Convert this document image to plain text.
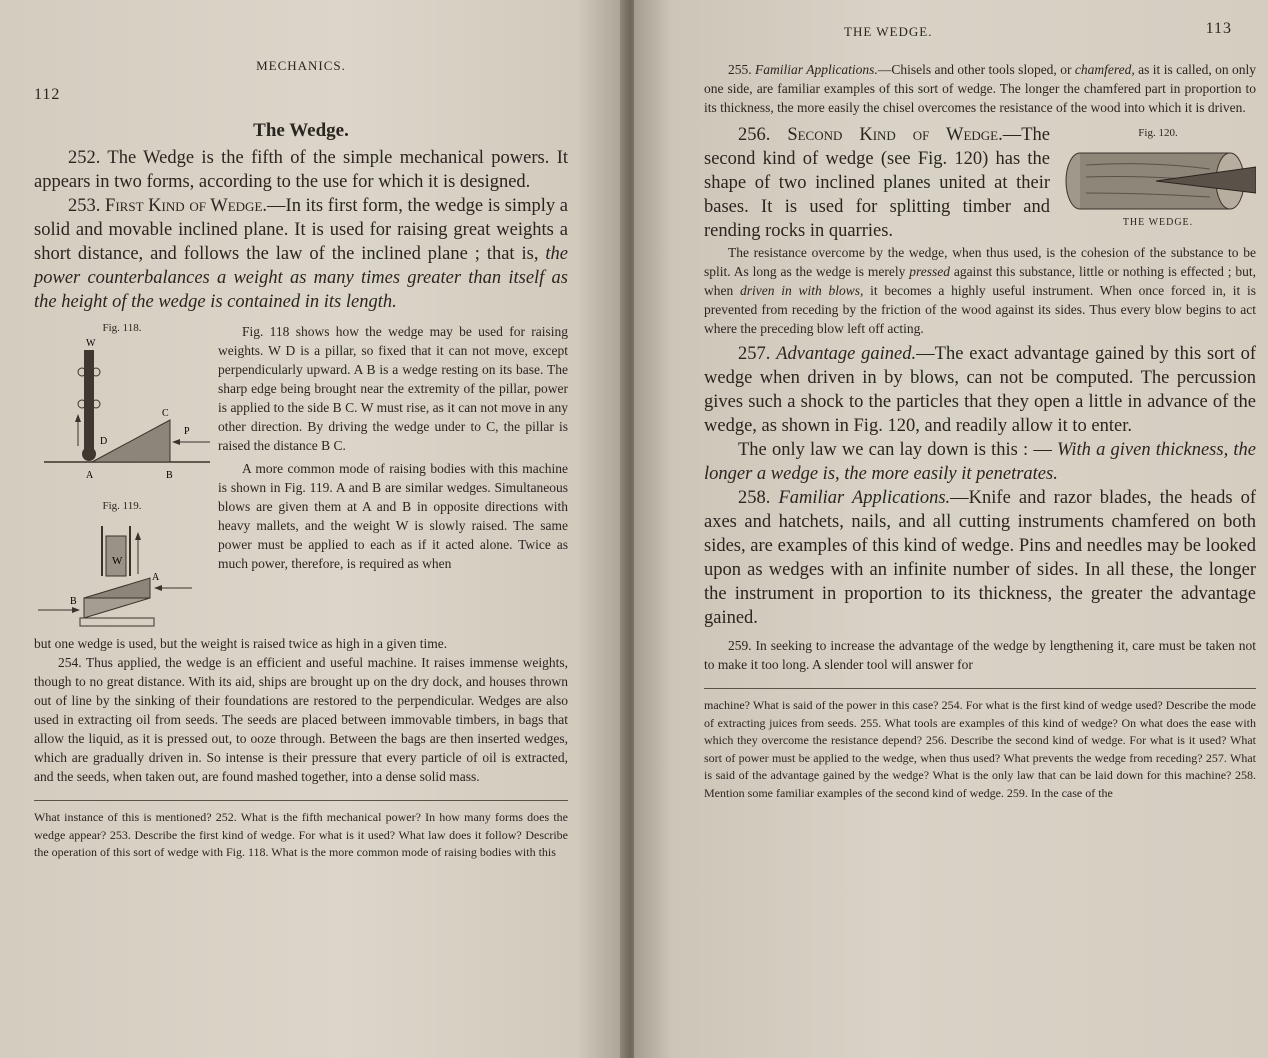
MECHANICS.
112
The Wedge.

252. The Wedge is the fifth of the simple mechanical powers. It appears in two forms, according to the use for which it is designed.

253. First Kind of Wedge.—In its first form, the wedge is simply a solid and movable inclined plane. It is used for raising great weights a short distance, and follows the law of the inclined plane ; that is, the power counterbalances a weight as many times greater than itself as the height of the wedge is contained in its length.

Fig. 118.
W
D
A	B
C
P
Fig. 119.
W
A
B

Fig. 118 shows how the wedge may be used for raising weights. W D is a pillar, so fixed that it can not move, except perpendicularly upward. A B is a wedge resting on its base. The sharp edge being brought near the extremity of the pillar, power is applied to the side B C. W must rise, as it can not move in any other direction. By driving the wedge under to C, the pillar is raised the distance B C.

A more common mode of raising bodies with this machine is shown in Fig. 119. A and B are similar wedges. Simultaneous blows are given them at A and B in opposite directions with heavy mallets, and the weight W is slowly raised. The same power must be applied to each as if it acted alone. Twice as much power, therefore, is required as when

but one wedge is used, but the weight is raised twice as high in a given time.

254. Thus applied, the wedge is an efficient and useful machine. It raises immense weights, though to no great distance. With its aid, ships are brought up on the dry dock, and houses thrown out of line by the sinking of their foundations are restored to the perpendicular. Wedges are also used in extracting oil from seeds. The seeds are placed between immovable timbers, in bags that allow the liquid, as it is pressed out, to ooze through. Between the bags are then inserted wedges, which are gradually driven in. So intense is their pressure that every particle of oil is extracted, and the seeds, when taken out, are found mashed together, into a dense solid mass.

What instance of this is mentioned? 252. What is the fifth mechanical power? In how many forms does the wedge appear? 253. Describe the first kind of wedge. For what is it used? What law does it follow? Describe the operation of this sort of wedge with Fig. 118. What is the more common mode of raising bodies with this

THE WEDGE.	113

255. Familiar Applications.—Chisels and other tools sloped, or chamfered, as it is called, on only one side, are familiar examples of this sort of wedge. The longer the chamfered part in proportion to its thickness, the more easily the chisel overcomes the resistance of the wood into which it is driven.

256. Second Kind of Wedge.—The second kind of wedge (see Fig. 120) has the shape of two inclined planes united at their bases. It is used for splitting timber and rending rocks in quarries.

Fig. 120.
THE WEDGE.

The resistance overcome by the wedge, when thus used, is the cohesion of the substance to be split. As long as the wedge is merely pressed against this substance, little or nothing is effected ; but, when driven in with blows, it becomes a highly useful instrument. When once forced in, it is prevented from receding by the friction of the wood against its sides. Thus every blow begins to act where the preceding blow left off acting.

257. Advantage gained.—The exact advantage gained by this sort of wedge when driven in by blows, can not be computed. The percussion gives such a shock to the particles that they open a little in advance of the wedge, as shown in Fig. 120, and readily allow it to enter.

The only law we can lay down is this : — With a given thickness, the longer a wedge is, the more easily it penetrates.

258. Familiar Applications.—Knife and razor blades, the heads of axes and hatchets, nails, and all cutting instruments chamfered on both sides, are examples of this kind of wedge. Pins and needles may be looked upon as wedges with an infinite number of sides. In all these, the longer the instrument in proportion to its thickness, the greater the advantage gained.

259. In seeking to increase the advantage of the wedge by lengthening it, care must be taken not to make it too long. A slender tool will answer for

machine? What is said of the power in this case? 254. For what is the first kind of wedge used? Describe the mode of extracting juices from seeds. 255. What tools are examples of this kind of wedge? On what does the ease with which they overcome the resistance depend? 256. Describe the second kind of wedge. For what is it used? What sort of power must be applied to the wedge, when thus used? What prevents the wedge from receding? 257. What is said of the advantage gained by the wedge? What is the only law that can be laid down for this machine? 258. Mention some familiar examples of the second kind of wedge. 259. In the case of the
